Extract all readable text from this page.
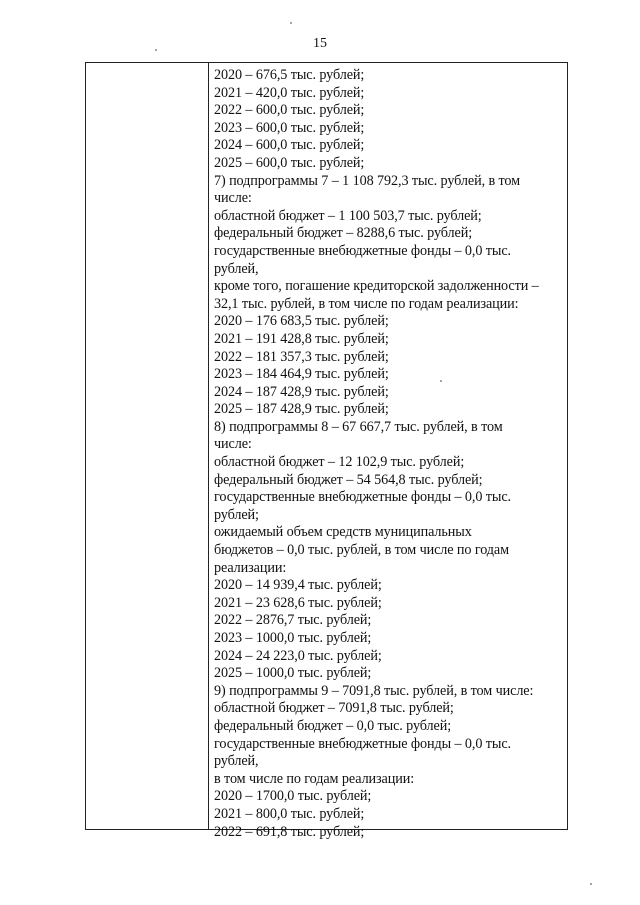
15
2020 – 676,5 тыс. рублей;
2021 – 420,0 тыс. рублей;
2022 – 600,0 тыс. рублей;
2023 – 600,0 тыс. рублей;
2024 – 600,0 тыс. рублей;
2025 – 600,0 тыс. рублей;
7) подпрограммы 7 – 1 108 792,3 тыс. рублей, в том
числе:
областной бюджет – 1 100 503,7 тыс. рублей;
федеральный бюджет – 8288,6 тыс. рублей;
государственные внебюджетные фонды – 0,0 тыс.
рублей,
кроме того, погашение кредиторской задолженности –
32,1 тыс. рублей, в том числе по годам реализации:
2020 – 176 683,5 тыс. рублей;
2021 – 191 428,8 тыс. рублей;
2022 – 181 357,3 тыс. рублей;
2023 – 184 464,9 тыс. рублей;
2024 – 187 428,9 тыс. рублей;
2025 – 187 428,9 тыс. рублей;
8) подпрограммы 8 – 67 667,7 тыс. рублей, в том
числе:
областной бюджет – 12 102,9 тыс. рублей;
федеральный бюджет – 54 564,8 тыс. рублей;
государственные внебюджетные фонды – 0,0 тыс.
рублей;
ожидаемый объем средств муниципальных
бюджетов – 0,0 тыс. рублей, в том числе по годам
реализации:
2020 – 14 939,4 тыс. рублей;
2021 – 23 628,6 тыс. рублей;
2022 – 2876,7 тыс. рублей;
2023 – 1000,0 тыс. рублей;
2024 – 24 223,0 тыс. рублей;
2025 – 1000,0 тыс. рублей;
9) подпрограммы 9 – 7091,8 тыс. рублей, в том числе:
областной бюджет – 7091,8 тыс. рублей;
федеральный бюджет – 0,0 тыс. рублей;
государственные внебюджетные фонды – 0,0 тыс.
рублей,
в том числе по годам реализации:
2020 – 1700,0 тыс. рублей;
2021 – 800,0 тыс. рублей;
2022 – 691,8 тыс. рублей;
